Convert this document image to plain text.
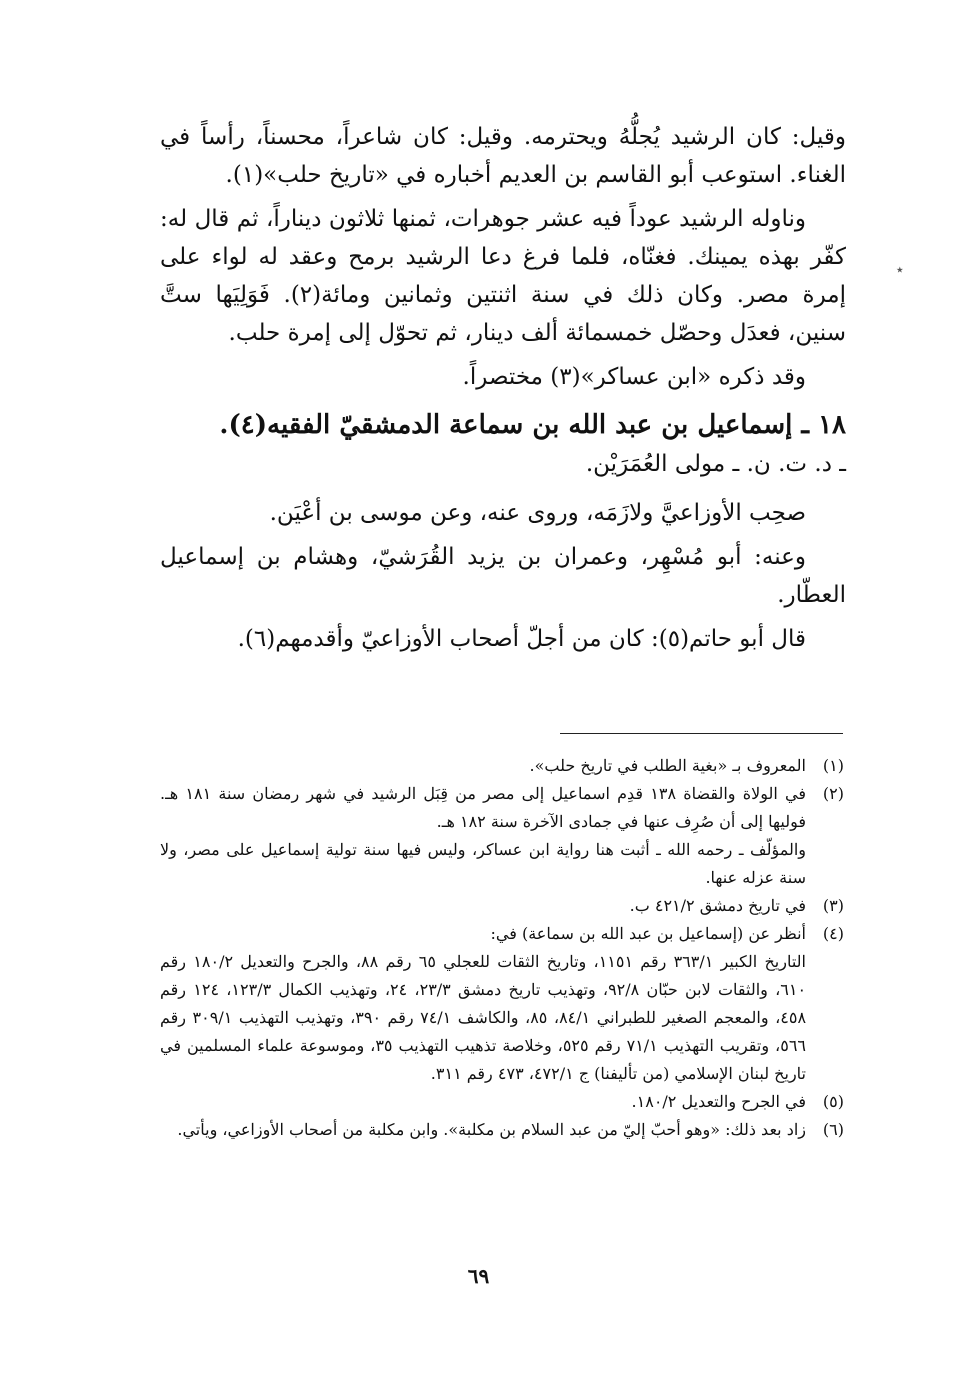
وقيل: كان الرشيد يُجلُّهُ ويحترمه. وقيل: كان شاعراً، محسناً، رأساً في الغناء. استوعب أبو القاسم بن العديم أخباره في «تاريخ حلب»(١).

وناوله الرشيد عوداً فيه عشر جوهرات، ثمنها ثلاثون ديناراً، ثم قال له: كفّر بهذه يمينك. فغنّاه، فلما فرغ دعا الرشيد برمح وعقد له لواء على إمرة مصر. وكان ذلك في سنة اثنتين وثمانين ومائة(٢). فَوَلِيَها ستَّ سنين، فعدَل وحصّل خمسمائة ألف دينار، ثم تحوّل إلى إمرة حلب.

وقد ذكره «ابن عساكر»(٣) مختصراً.

١٨ ـ إسماعيل بن عبد الله بن سماعة الدمشقيّ الفقيه(٤).

ـ د. ت. ن. ـ مولى العُمَرَيْن.

صحِب الأوزاعيَّ ولازَمَه، وروى عنه، وعن موسى بن أعْيَن.

وعنه: أبو مُسْهِر، وعمران بن يزيد القُرَشيّ، وهشام بن إسماعيل العطّار.

قال أبو حاتم(٥): كان من أجلّ أصحاب الأوزاعيّ وأقدمهم(٦).

٭
(١)
المعروف بـ «بغية الطلب في تاريخ حلب».
(٢)
في الولاة والقضاة ١٣٨ قدِم اسماعيل إلى مصر من قِبَل الرشيد في شهر رمضان سنة ١٨١ هـ. فوليها إلى أن صُرِف عنها في جمادى الآخرة سنة ١٨٢ هـ.

والمؤلّف ـ رحمه الله ـ أثبت هنا رواية ابن عساكر، وليس فيها سنة تولية إسماعيل على مصر، ولا سنة عزله عنها.

(٣)
في تاريخ دمشق ٤٢١/٢ ب.
(٤)
أنظر عن (إسماعيل بن عبد الله بن سماعة) في:

التاريخ الكبير ٣٦٣/١ رقم ١١٥١، وتاريخ الثقات للعجلي ٦٥ رقم ٨٨، والجرح والتعديل ١٨٠/٢ رقم ٦١٠، والثقات لابن حبّان ٩٢/٨، وتهذيب تاريخ دمشق ٢٣/٣، ٢٤، وتهذيب الكمال ١٢٣/٣، ١٢٤ رقم ٤٥٨، والمعجم الصغير للطبراني ٨٤/١، ٨٥، والكاشف ٧٤/١ رقم ٣٩٠، وتهذيب التهذيب ٣٠٩/١ رقم ٥٦٦، وتقريب التهذيب ٧١/١ رقم ٥٢٥، وخلاصة تذهيب التهذيب ٣٥، وموسوعة علماء المسلمين في تاريخ لبنان الإسلامي (من تأليفنا) ج ٤٧٢/١، ٤٧٣ رقم ٣١١.

(٥)
في الجرح والتعديل ١٨٠/٢.
(٦)
زاد بعد ذلك: «وهو أحبّ إليّ من عبد السلام بن مكلبة». وابن مكلبة من أصحاب الأوزاعي، ويأتي.
٦٩
